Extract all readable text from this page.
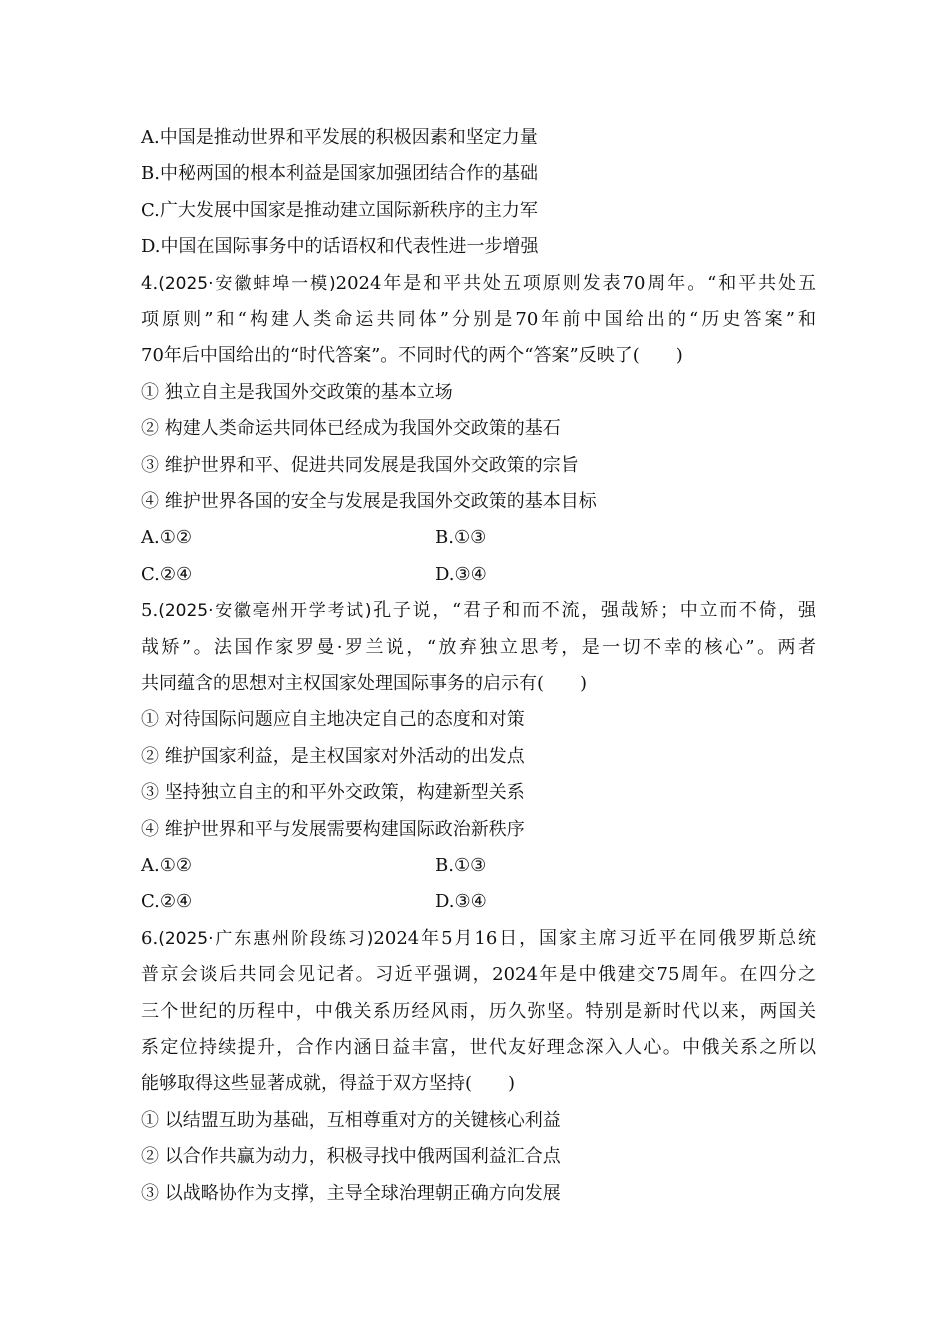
A.中国是推动世界和平发展的积极因素和坚定力量
B.中秘两国的根本利益是国家加强团结合作的基础
C.广大发展中国家是推动建立国际新秩序的主力军
D.中国在国际事务中的话语权和代表性进一步增强
4.(2025·安徽蚌埠一模)2024年是和平共处五项原则发表70周年。“和平共处五
项原则”和“构建人类命运共同体”分别是70年前中国给出的“历史答案”和
70年后中国给出的“时代答案”。不同时代的两个“答案”反映了(　　)
① 独立自主是我国外交政策的基本立场
② 构建人类命运共同体已经成为我国外交政策的基石
③ 维护世界和平、促进共同发展是我国外交政策的宗旨
④ 维护世界各国的安全与发展是我国外交政策的基本目标
A.①②	B.①③
C.②④	D.③④
5.(2025·安徽亳州开学考试)孔子说，“君子和而不流，强哉矫；中立而不倚，强
哉矫”。法国作家罗曼·罗兰说，“放弃独立思考，是一切不幸的核心”。两者
共同蕴含的思想对主权国家处理国际事务的启示有(　　)
① 对待国际问题应自主地决定自己的态度和对策
② 维护国家利益，是主权国家对外活动的出发点
③ 坚持独立自主的和平外交政策，构建新型关系
④ 维护世界和平与发展需要构建国际政治新秩序
A.①②	B.①③
C.②④	D.③④
6.(2025·广东惠州阶段练习)2024年5月16日，国家主席习近平在同俄罗斯总统
普京会谈后共同会见记者。习近平强调，2024年是中俄建交75周年。在四分之
三个世纪的历程中，中俄关系历经风雨，历久弥坚。特别是新时代以来，两国关
系定位持续提升，合作内涵日益丰富，世代友好理念深入人心。中俄关系之所以
能够取得这些显著成就，得益于双方坚持(　　)
① 以结盟互助为基础，互相尊重对方的关键核心利益
② 以合作共赢为动力，积极寻找中俄两国利益汇合点
③ 以战略协作为支撑，主导全球治理朝正确方向发展
